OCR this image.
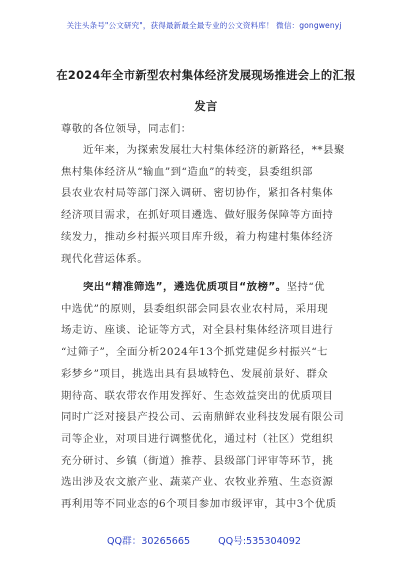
关注头条号"公文研究"，获得最新最全最专业的公文资料库！ 微信：gongwenyj
在2024年全市新型农村集体经济发展现场推进会上的汇报
发言
尊敬的各位领导，同志们：
近年来，为探索发展壮大村集体经济的新路径，**县聚
焦村集体经济从“输血”到“造血”的转变，县委组织部
县农业农村局等部门深入调研、密切协作，紧扣各村集体
经济项目需求，在抓好项目遴选、做好服务保障等方面持
续发力，推动乡村振兴项目库升级，着力构建村集体经济
现代化营运体系。
突出“精准筛选”，遴选优质项目“放榜”。坚持“优
中选优”的原则，县委组织部会同县农业农村局，采用现
场走访、座谈、论证等方式，对全县村集体经济项目进行
“过筛子”，全面分析2024年13个抓党建促乡村振兴“七
彩梦乡”项目，挑选出具有县域特色、发展前景好、群众
期待高、联农带农作用发挥好、生态效益突出的优质项目
同时广泛对接县产投公司、云南鼎鲜农业科技发展有限公司
司等企业，对项目进行调整优化，通过村（社区）党组织
充分研讨、乡镇（街道）推荐、县级部门评审等环节，挑
选出涉及农文旅产业、蔬菜产业、农牧业养殖、生态资源
再利用等不同业态的6个项目参加市级评审，其中3个优质
QQ群：30265665	QQ号:535304092
